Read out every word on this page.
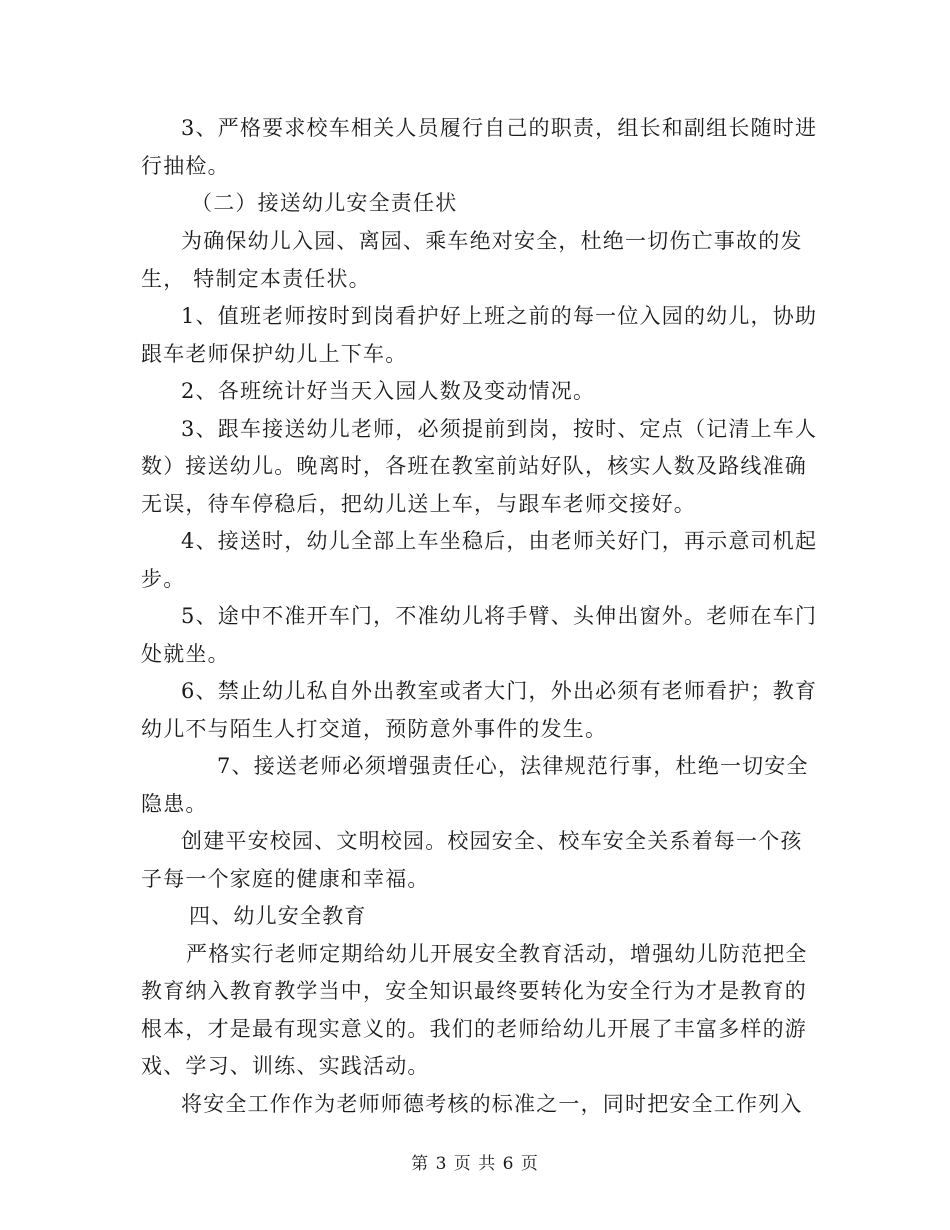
3、严格要求校车相关人员履行自己的职责，组长和副组长随时进
行抽检。
（二）接送幼儿安全责任状
为确保幼儿入园、离园、乘车绝对安全，杜绝一切伤亡事故的发
生， 特制定本责任状。
1、值班老师按时到岗看护好上班之前的每一位入园的幼儿，协助
跟车老师保护幼儿上下车。
2、各班统计好当天入园人数及变动情况。
3、跟车接送幼儿老师，必须提前到岗，按时、定点（记清上车人
数）接送幼儿。晚离时，各班在教室前站好队，核实人数及路线准确
无误，待车停稳后，把幼儿送上车，与跟车老师交接好。
4、接送时，幼儿全部上车坐稳后，由老师关好门，再示意司机起
步。
5、途中不准开车门，不准幼儿将手臂、头伸出窗外。老师在车门
处就坐。
6、禁止幼儿私自外出教室或者大门，外出必须有老师看护；教育
幼儿不与陌生人打交道，预防意外事件的发生。
7、接送老师必须增强责任心，法律规范行事，杜绝一切安全
隐患。
创建平安校园、文明校园。校园安全、校车安全关系着每一个孩
子每一个家庭的健康和幸福。
四、幼儿安全教育
严格实行老师定期给幼儿开展安全教育活动，增强幼儿防范把全
教育纳入教育教学当中，安全知识最终要转化为安全行为才是教育的
根本，才是最有现实意义的。我们的老师给幼儿开展了丰富多样的游
戏、学习、训练、实践活动。
将安全工作作为老师师德考核的标准之一，同时把安全工作列入
第 3 页 共 6 页
